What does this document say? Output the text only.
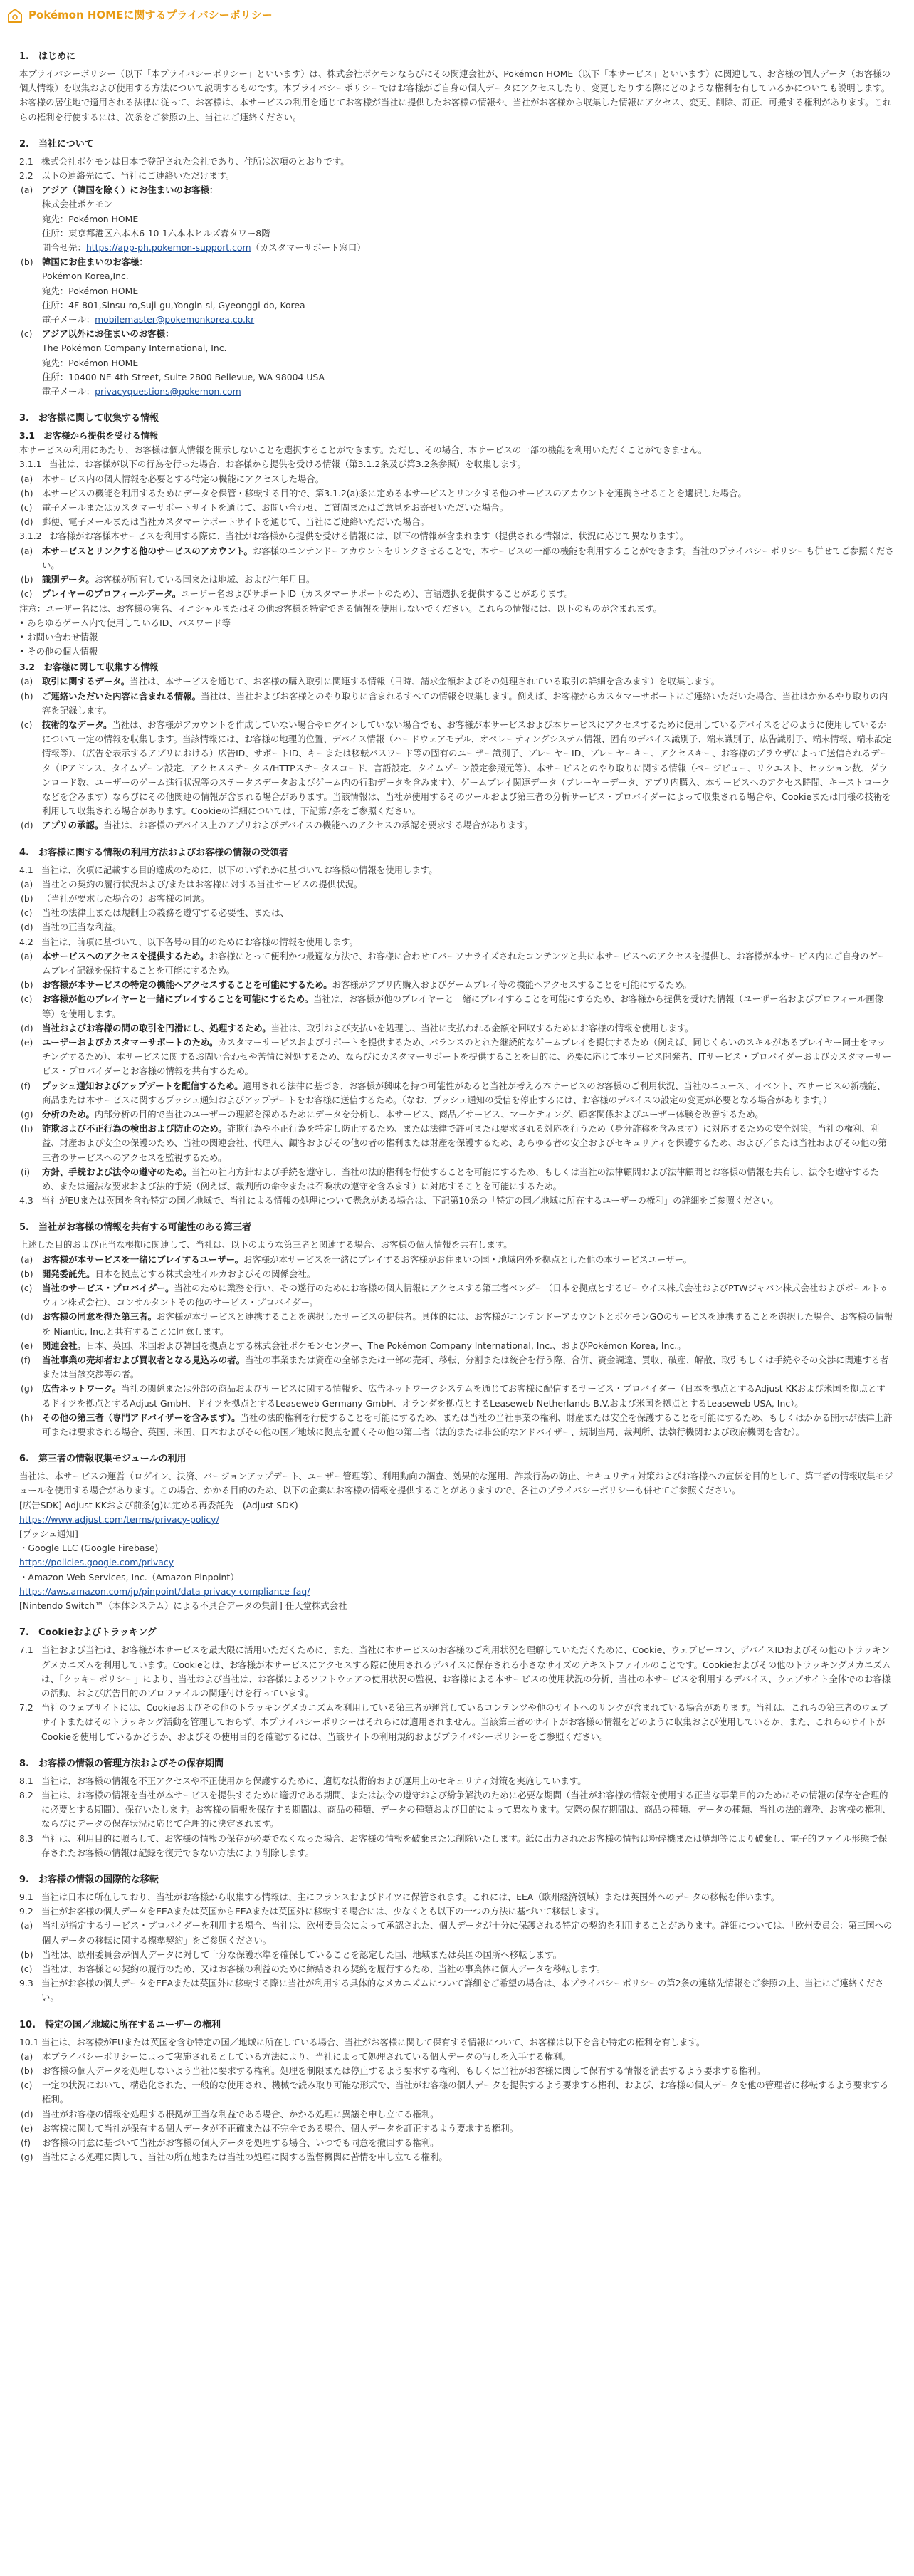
Pokémon HOMEに関するプライバシーポリシー
1.　はじめに

本プライバシーポリシー（以下「本プライバシーポリシー」といいます）は、株式会社ポケモンならびにその関連会社が、Pokémon HOME（以下「本サービス」といいます）に関連して、お客様の個人データ（お客様の個人情報）を収集および使用する方法について説明するものです。本プライバシーポリシーではお客様がご自身の個人データにアクセスしたり、変更したりする際にどのような権利を有しているかについても説明します。

お客様の居住地で適用される法律に従って、お客様は、本サービスの利用を通じてお客様が当社に提供したお客様の情報や、当社がお客様から収集した情報にアクセス、変更、削除、訂正、可搬する権利があります。これらの権利を行使するには、次条をご参照の上、当社にご連絡ください。

2.　当社について
2.1 株式会社ポケモンは日本で登記された会社であり、住所は次項のとおりです。
2.2 以下の連絡先にて、当社にご連絡いただけます。
(a)	アジア（韓国を除く）にお住まいのお客様：
株式会社ポケモン
宛先：Pokémon HOME
住所：東京都港区六本木6-10-1六本木ヒルズ森タワー8階
問合せ先：https://app-ph.pokemon-support.com（カスタマーサポート窓口）
(b)	韓国にお住まいのお客様：
Pokémon Korea,Inc.
宛先：Pokémon HOME
住所：4F 801,Sinsu-ro,Suji-gu,Yongin-si, Gyeonggi-do, Korea
電子メール：mobilemaster@pokemonkorea.co.kr
(c)	アジア以外にお住まいのお客様：
The Pokémon Company International, Inc.
宛先：Pokémon HOME
住所：10400 NE 4th Street, Suite 2800 Bellevue, WA 98004 USA
電子メール：privacyquestions@pokemon.com
3.　お客様に関して収集する情報
3.1　お客様から提供を受ける情報

本サービスの利用にあたり、お客様は個人情報を開示しないことを選択することができます。ただし、その場合、本サービスの一部の機能を利用いただくことができません。

3.1.1 当社は、お客様が以下の行為を行った場合、お客様から提供を受ける情報（第3.1.2条及び第3.2条参照）を収集します。
(a)	本サービス内の個人情報を必要とする特定の機能にアクセスした場合。
(b)	本サービスの機能を利用するためにデータを保管・移転する目的で、第3.1.2(a)条に定める本サービスとリンクする他のサービスのアカウントを連携させることを選択した場合。
(c)	電子メールまたはカスタマーサポートサイトを通じて、お問い合わせ、ご質問またはご意見をお寄せいただいた場合。
(d)	郵便、電子メールまたは当社カスタマーサポートサイトを通じて、当社にご連絡いただいた場合。
3.1.2 お客様がお客様本サービスを利用する際に、当社がお客様から提供を受ける情報には、以下の情報が含まれます（提供される情報は、状況に応じて異なります）。
(a)	本サービスとリンクする他のサービスのアカウント。お客様のニンテンドーアカウントをリンクさせることで、本サービスの一部の機能を利用することができます。当社のプライバシーポリシーも併せてご参照ください。
(b)	識別データ。お客様が所有している国または地域、および生年月日。
(c)	プレイヤーのプロフィールデータ。ユーザー名およびサポートID（カスタマーサポートのため）、言語選択を提供することがあります。

注意：ユーザー名には、お客様の実名、イニシャルまたはその他お客様を特定できる情報を使用しないでください。これらの情報には、以下のものが含まれます。

• あらゆるゲーム内で使用しているID、パスワード等
• お問い合わせ情報
• その他の個人情報
3.2　お客様に関して収集する情報
(a)	取引に関するデータ。当社は、本サービスを通じて、お客様の購入取引に関連する情報（日時、請求金額およびその処理されている取引の詳細を含みます）を収集します。
(b)	ご連絡いただいた内容に含まれる情報。当社は、当社およびお客様とのやり取りに含まれるすべての情報を収集します。例えば、お客様からカスタマーサポートにご連絡いただいた場合、当社はかかるやり取りの内容を記録します。
(c)	技術的なデータ。当社は、お客様がアカウントを作成していない場合やログインしていない場合でも、お客様が本サービスおよび本サービスにアクセスするために使用しているデバイスをどのように使用しているかについて一定の情報を収集します。当該情報には、お客様の地理的位置、デバイス情報（ハードウェアモデル、オペレーティングシステム情報、固有のデバイス識別子、端末識別子、広告識別子、端末情報、端末設定情報等）、（広告を表示するアプリにおける）広告ID、サポートID、キーまたは移転パスワード等の固有のユーザー識別子、プレーヤーID、プレーヤーキー、アクセスキー、お客様のブラウザによって送信されるデータ（IPアドレス、タイムゾーン設定、アクセスステータス/HTTPステータスコード、言語設定、タイムゾーン設定参照元等）、本サービスとのやり取りに関する情報（ページビュー、リクエスト、セッション数、ダウンロード数、ユーザーのゲーム進行状況等のステータスデータおよびゲーム内の行動データを含みます）、ゲームプレイ関連データ（プレーヤーデータ、アプリ内購入、本サービスへのアクセス時間、キーストロークなどを含みます）ならびにその他関連の情報が含まれる場合があります。当該情報は、当社が使用するそのツールおよび第三者の分析サービス・プロバイダーによって収集される場合や、Cookieまたは同様の技術を利用して収集される場合があります。Cookieの詳細については、下記第7条をご参照ください。
(d)	アプリの承認。当社は、お客様のデバイス上のアプリおよびデバイスの機能へのアクセスの承認を要求する場合があります。
4.　お客様に関する情報の利用方法およびお客様の情報の受領者
4.1 当社は、次項に記載する目的達成のために、以下のいずれかに基づいてお客様の情報を使用します。
(a)	当社との契約の履行状況および/またはお客様に対する当社サービスの提供状況。
(b)	（当社が要求した場合の）お客様の同意。
(c)	当社の法律上または規制上の義務を遵守する必要性、または、
(d)	当社の正当な利益。
4.2 当社は、前項に基づいて、以下各号の目的のためにお客様の情報を使用します。
(a)	本サービスへのアクセスを提供するため。お客様にとって便利かつ最適な方法で、お客様に合わせてパーソナライズされたコンテンツと共に本サービスへのアクセスを提供し、お客様が本サービス内にご自身のゲームプレイ記録を保持することを可能にするため。
(b)	お客様が本サービスの特定の機能へアクセスすることを可能にするため。お客様がアプリ内購入およびゲームプレイ等の機能へアクセスすることを可能にするため。
(c)	お客様が他のプレイヤーと一緒にプレイすることを可能にするため。当社は、お客様が他のプレイヤーと一緒にプレイすることを可能にするため、お客様から提供を受けた情報（ユーザー名およびプロフィール画像等）を使用します。
(d)	当社およびお客様の間の取引を円滑にし、処理するため。当社は、取引および支払いを処理し、当社に支払われる金額を回収するためにお客様の情報を使用します。
(e)	ユーザーおよびカスタマーサポートのため。カスタマーサービスおよびサポートを提供するため、バランスのとれた継続的なゲームプレイを提供するため（例えば、同じくらいのスキルがあるプレイヤー同士をマッチングするため）、本サービスに関するお問い合わせや苦情に対処するため、ならびにカスタマーサポートを提供することを目的に、必要に応じて本サービス開発者、ITサービス・プロバイダーおよびカスタマーサービス・プロバイダーとお客様の情報を共有するため。
(f)	プッシュ通知およびアップデートを配信するため。適用される法律に基づき、お客様が興味を持つ可能性があると当社が考える本サービスのお客様のご利用状況、当社のニュース、イベント、本サービスの新機能、商品または本サービスに関するプッシュ通知およびアップデートをお客様に送信するため。（なお、プッシュ通知の受信を停止するには、お客様のデバイスの設定の変更が必要となる場合があります。）
(g)	分析のため。内部分析の目的で当社のユーザーの理解を深めるためにデータを分析し、本サービス、商品／サービス、マーケティング、顧客関係およびユーザー体験を改善するため。
(h)	詐欺および不正行為の検出および防止のため。詐欺行為や不正行為を特定し防止するため、または法律で許可または要求される対応を行うため（身分詐称を含みます）に対応するための安全対策。当社の権利、利益、財産および安全の保護のため、当社の関連会社、代理人、顧客およびその他の者の権利または財産を保護するため、あらゆる者の安全およびセキュリティを保護するため、および／または当社およびその他の第三者のサービスへのアクセスを監視するため。
(i)	方針、手続および法令の遵守のため。当社の社内方針および手続を遵守し、当社の法的権利を行使することを可能にするため、もしくは当社の法律顧問および法律顧問とお客様の情報を共有し、法令を遵守するため、または適法な要求および法的手続（例えば、裁判所の命令または召喚状の遵守を含みます）に対応することを可能にするため。
4.3 当社がEUまたは英国を含む特定の国／地域で、当社による情報の処理について懸念がある場合は、下記第10条の「特定の国／地域に所在するユーザーの権利」の詳細をご参照ください。
5.　当社がお客様の情報を共有する可能性のある第三者

上述した目的および正当な根拠に関連して、当社は、以下のような第三者と関連する場合、お客様の個人情報を共有します。

(a)	お客様が本サービスを一緒にプレイするユーザー。お客様が本サービスを一緒にプレイするお客様がお住まいの国・地域内外を拠点とした他の本サービスユーザー。
(b)	開発委託先。日本を拠点とする株式会社イルカおよびその関係会社。
(c)	当社のサービス・プロバイダー。当社のために業務を行い、その遂行のためにお客様の個人情報にアクセスする第三者ベンダー（日本を拠点とするピーウイス株式会社およびPTWジャパン株式会社およびポールトゥウィン株式会社）、コンサルタントその他のサービス・プロバイダー。
(d)	お客様の同意を得た第三者。お客様が本サービスと連携することを選択したサービスの提供者。具体的には、お客様がニンテンドーアカウントとポケモンGOのサービスを連携することを選択した場合、お客様の情報を Niantic, Inc.と共有することに同意します。
(e)	関連会社。日本、英国、米国および韓国を拠点とする株式会社ポケモンセンター、The Pokémon Company International, Inc.、およびPokémon Korea, Inc.。
(f)	当社事業の売却者および買収者となる見込みの者。当社の事業または資産の全部または一部の売却、移転、分割または統合を行う際、合併、資金調達、買収、破産、解散、取引もしくは手続やその交渉に関連する者または当該交渉等の者。
(g)	広告ネットワーク。当社の関係または外部の商品およびサービスに関する情報を、広告ネットワークシステムを通じてお客様に配信するサービス・プロバイダー（日本を拠点とするAdjust KKおよび米国を拠点とするドイツを拠点とするAdjust GmbH、ドイツを拠点とするLeaseweb Germany GmbH、オランダを拠点とするLeaseweb Netherlands B.V.および米国を拠点とするLeaseweb USA, Inc）。
(h)	その他の第三者（専門アドバイザーを含みます）。当社の法的権利を行使することを可能にするため、または当社の当社事業の権利、財産または安全を保護することを可能にするため、もしくはかかる開示が法律上許可または要求される場合、英国、米国、日本およびその他の国／地域に拠点を置くその他の第三者（法的または非公的なアドバイザー、規制当局、裁判所、法執行機関および政府機関を含む）。
6.　第三者の情報収集モジュールの利用

当社は、本サービスの運営（ログイン、決済、バージョンアップデート、ユーザー管理等）、利用動向の調査、効果的な運用、詐欺行為の防止、セキュリティ対策およびお客様への宣伝を目的として、第三者の情報収集モジュールを使用する場合があります。この場合、かかる目的のため、以下の企業にお客様の情報を提供することがありますので、各社のプライバシーポリシーも併せてご参照ください。

[広告SDK] Adjust KKおよび前条(g)に定める再委託先　(Adjust SDK)
https://www.adjust.com/terms/privacy-policy/
[プッシュ通知]
・Google LLC (Google Firebase)
https://policies.google.com/privacy
・Amazon Web Services, Inc.（Amazon Pinpoint）
https://aws.amazon.com/jp/pinpoint/data-privacy-compliance-faq/
[Nintendo Switch™（本体システム）による不具合データの集計] 任天堂株式会社
7.　Cookieおよびトラッキング
7.1 当社および当社は、お客様が本サービスを最大限に活用いただくために、また、当社に本サービスのお客様のご利用状況を理解していただくために、Cookie、ウェブビーコン、デバイスIDおよびその他のトラッキングメカニズムを利用しています。Cookieとは、お客様が本サービスにアクセスする際に使用されるデバイスに保存される小さなサイズのテキストファイルのことです。Cookieおよびその他のトラッキングメカニズムは、「クッキーポリシー」により、当社および当社は、お客様によるソフトウェアの使用状況の監視、お客様による本サービスの使用状況の分析、当社の本サービスを利用するデバイス、ウェブサイト全体でのお客様の活動、および広告目的のプロファイルの関連付けを行っています。
7.2 当社のウェブサイトには、Cookieおよびその他のトラッキングメカニズムを利用している第三者が運営しているコンテンツや他のサイトへのリンクが含まれている場合があります。当社は、これらの第三者のウェブサイトまたはそのトラッキング活動を管理しておらず、本プライバシーポリシーはそれらには適用されません。当該第三者のサイトがお客様の情報をどのように収集および使用しているか、また、これらのサイトがCookieを使用しているかどうか、およびその使用目的を確認するには、当該サイトの利用規約およびプライバシーポリシーをご参照ください。
8.　お客様の情報の管理方法およびその保存期間
8.1 当社は、お客様の情報を不正アクセスや不正使用から保護するために、適切な技術的および運用上のセキュリティ対策を実施しています。
8.2 当社は、お客様の情報を当社が本サービスを提供するために適切である期間、または法令の遵守および紛争解決のために必要な期間（当社がお客様の情報を使用する正当な事業目的のためにその情報の保存を合理的に必要とする期間）、保存いたします。お客様の情報を保存する期間は、商品の種類、データの種類および目的によって異なります。実際の保存期間は、商品の種類、データの種類、当社の法的義務、お客様の権利、ならびにデータの保存状況に応じて合理的に決定されます。
8.3 当社は、利用目的に照らして、お客様の情報の保存が必要でなくなった場合、お客様の情報を破棄または削除いたします。紙に出力されたお客様の情報は粉砕機または焼却等により破棄し、電子的ファイル形態で保存されたお客様の情報は記録を復元できない方法により削除します。
9.　お客様の情報の国際的な移転
9.1 当社は日本に所在しており、当社がお客様から収集する情報は、主にフランスおよびドイツに保管されます。これには、EEA（欧州経済領域）または英国外へのデータの移転を伴います。
9.2 当社がお客様の個人データをEEAまたは英国からEEAまたは英国外に移転する場合には、少なくとも以下の一つの方法に基づいて移転します。
(a)	当社が指定するサービス・プロバイダーを利用する場合、当社は、欧州委員会によって承認された、個人データが十分に保護される特定の契約を利用することがあります。詳細については、「欧州委員会：第三国への個人データの移転に関する標準契約」をご参照ください。
(b)	当社は、欧州委員会が個人データに対して十分な保護水準を確保していることを認定した国、地域または英国の国所へ移転します。
(c)	当社は、お客様との契約の履行のため、又はお客様の利益のために締結される契約を履行するため、当社の事業体に個人データを移転します。
9.3 当社がお客様の個人データをEEAまたは英国外に移転する際に当社が利用する具体的なメカニズムについて詳細をご希望の場合は、本プライバシーポリシーの第2条の連絡先情報をご参照の上、当社にご連絡ください。
10.　特定の国／地域に所在するユーザーの権利
10.1 当社は、お客様がEUまたは英国を含む特定の国／地域に所在している場合、当社がお客様に関して保有する情報について、お客様は以下を含む特定の権利を有します。
(a)	本プライバシーポリシーによって実施されるとしている方法により、当社によって処理されている個人データの写しを入手する権利。
(b)	お客様の個人データを処理しないよう当社に要求する権利。処理を制限または停止するよう要求する権利、もしくは当社がお客様に関して保有する情報を消去するよう要求する権利。
(c)	一定の状況において、構造化された、一般的な使用され、機械で読み取り可能な形式で、当社がお客様の個人データを提供するよう要求する権利、および、お客様の個人データを他の管理者に移転するよう要求する権利。
(d)	当社がお客様の情報を処理する根拠が正当な利益である場合、かかる処理に異議を申し立てる権利。
(e)	お客様に関して当社が保有する個人データが不正確または不完全である場合、個人データを訂正するよう要求する権利。
(f)	お客様の同意に基づいて当社がお客様の個人データを処理する場合、いつでも同意を撤回する権利。
(g)	当社による処理に関して、当社の所在地または当社の処理に関する監督機関に苦情を申し立てる権利。
